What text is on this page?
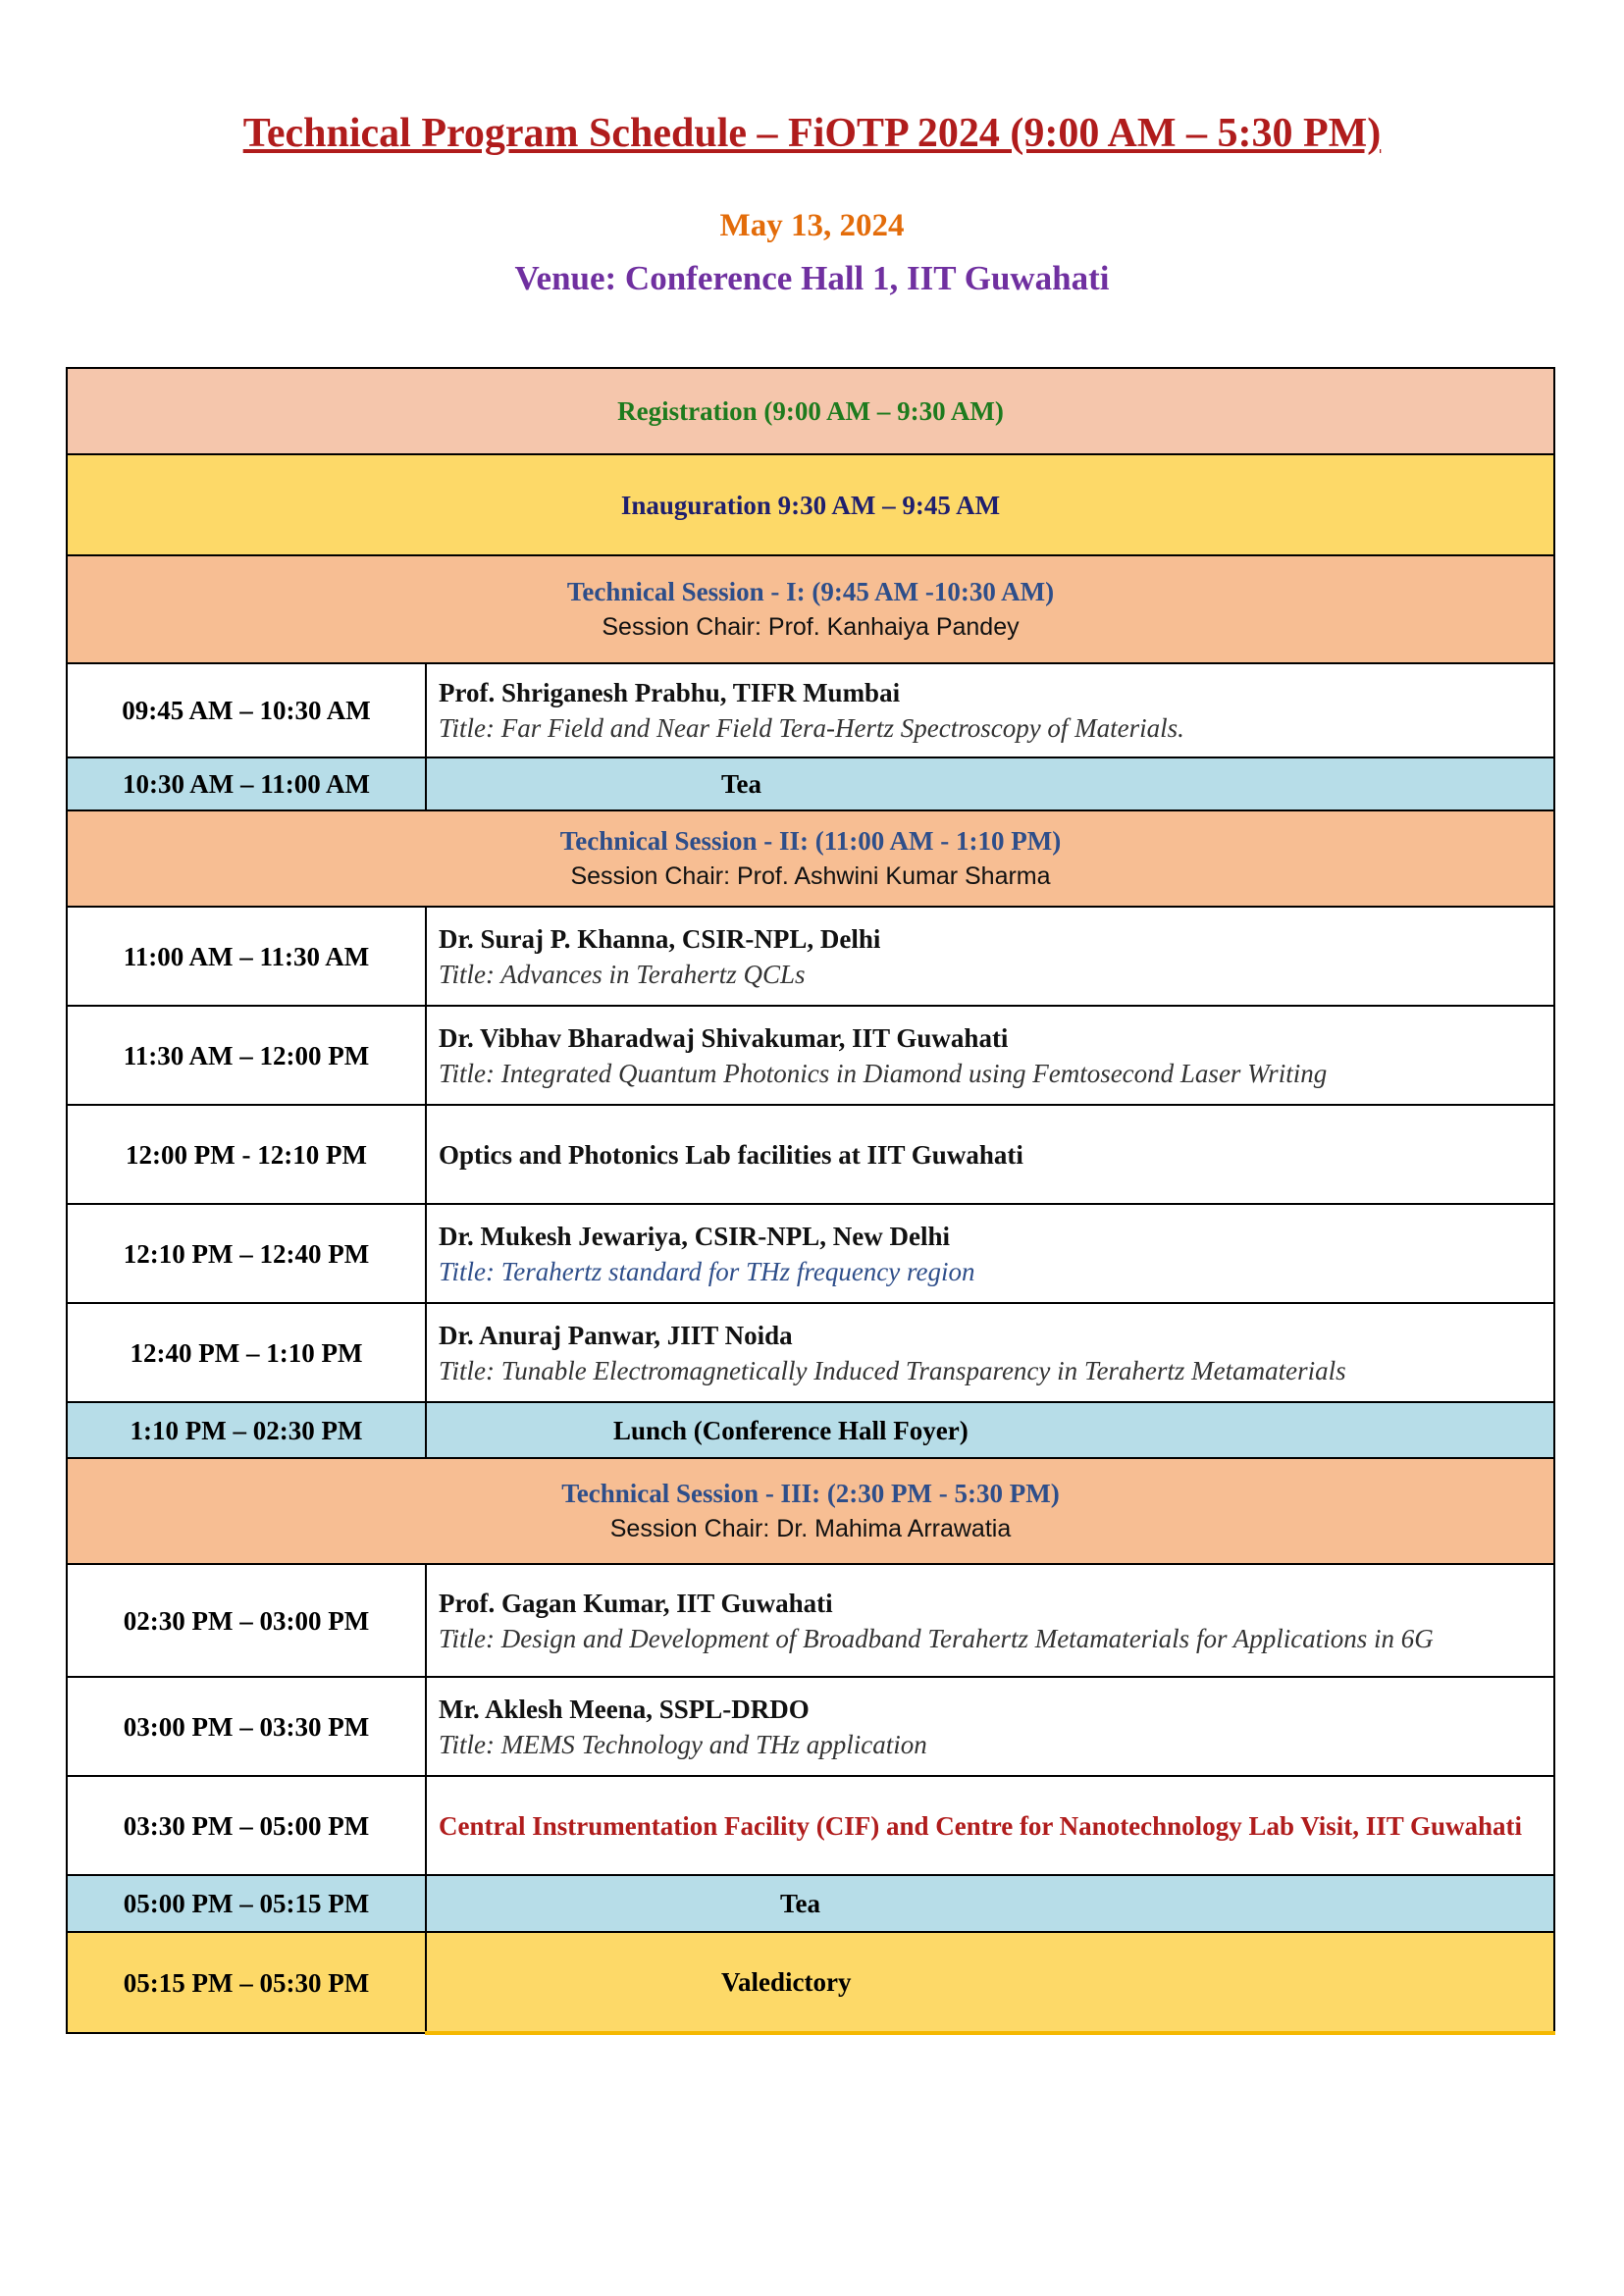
Technical Program Schedule – FiOTP 2024 (9:00 AM – 5:30 PM)
May 13, 2024
Venue: Conference Hall 1, IIT Guwahati
Registration (9:00 AM – 9:30 AM)	
Inauguration 9:30 AM – 9:45 AM	

Technical Session - I: (9:45 AM -10:30 AM)
Session Chair: Prof. Kanhaiya Pandey	

09:45 AM – 10:30 AM	Prof. Shriganesh Prabhu, TIFR Mumbai
Title: Far Field and Near Field Tera-Hertz Spectroscopy of Materials.

10:30 AM – 11:00 AM	Tea

Technical Session - II: (11:00 AM - 1:10 PM)
Session Chair: Prof. Ashwini Kumar Sharma	

11:00 AM – 11:30 AM	Dr. Suraj P. Khanna, CSIR-NPL, Delhi
Title: Advances in Terahertz QCLs

11:30 AM – 12:00 PM	Dr. Vibhav Bharadwaj Shivakumar, IIT Guwahati
Title: Integrated Quantum Photonics in Diamond using Femtosecond Laser Writing

12:00 PM - 12:10 PM	Optics and Photonics Lab facilities at IIT Guwahati

12:10 PM – 12:40 PM	Dr. Mukesh Jewariya, CSIR-NPL, New Delhi
Title: Terahertz standard for THz frequency region

12:40 PM – 1:10 PM	Dr. Anuraj Panwar, JIIT Noida
Title: Tunable Electromagnetically Induced Transparency in Terahertz Metamaterials

1:10 PM – 02:30 PM	Lunch (Conference Hall Foyer)

Technical Session - III: (2:30 PM - 5:30 PM)
Session Chair: Dr. Mahima Arrawatia	

02:30 PM – 03:00 PM	Prof. Gagan Kumar, IIT Guwahati
Title: Design and Development of Broadband Terahertz Metamaterials for Applications in 6G

03:00 PM – 03:30 PM	Mr. Aklesh Meena, SSPL-DRDO
Title: MEMS Technology and THz application

03:30 PM – 05:00 PM	Central Instrumentation Facility (CIF) and Centre for Nanotechnology Lab Visit, IIT Guwahati

05:00 PM – 05:15 PM	Tea
05:15 PM – 05:30 PM	Valedictory
